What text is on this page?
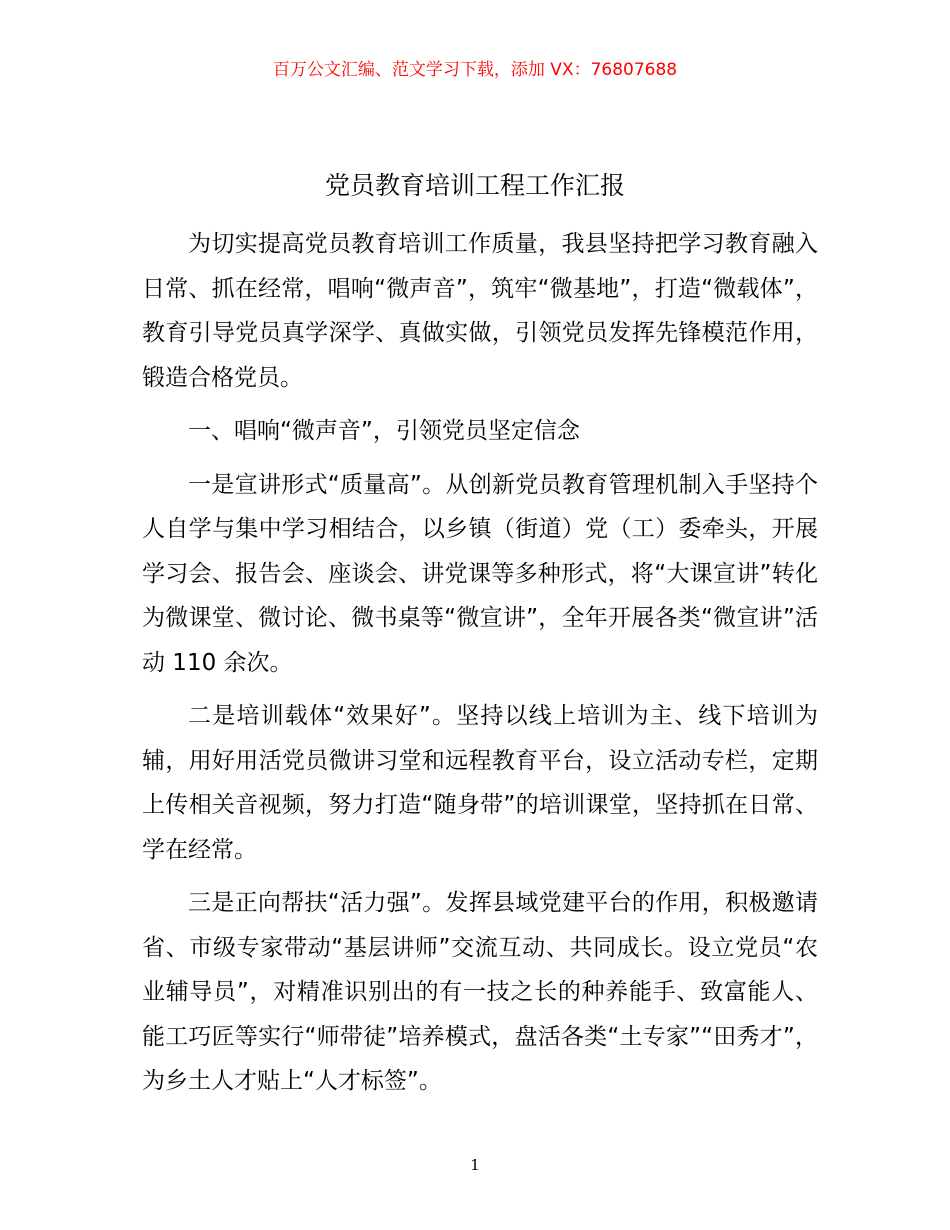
百万公文汇编、范文学习下载，添加 VX：76807688
党员教育培训工程工作汇报

为切实提高党员教育培训工作质量，我县坚持把学习教育融入日常、抓在经常，唱响“微声音”，筑牢“微基地”，打造“微载体”，教育引导党员真学深学、真做实做，引领党员发挥先锋模范作用，锻造合格党员。

一、唱响“微声音”，引领党员坚定信念

一是宣讲形式“质量高”。从创新党员教育管理机制入手坚持个人自学与集中学习相结合，以乡镇（街道）党（工）委牵头，开展学习会、报告会、座谈会、讲党课等多种形式，将“大课宣讲”转化为微课堂、微讨论、微书桌等“微宣讲”，全年开展各类“微宣讲”活动 110 余次。

二是培训载体“效果好”。坚持以线上培训为主、线下培训为辅，用好用活党员微讲习堂和远程教育平台，设立活动专栏，定期上传相关音视频，努力打造“随身带”的培训课堂，坚持抓在日常、学在经常。

三是正向帮扶“活力强”。发挥县域党建平台的作用，积极邀请省、市级专家带动“基层讲师”交流互动、共同成长。设立党员“农业辅导员”，对精准识别出的有一技之长的种养能手、致富能人、能工巧匠等实行“师带徒”培养模式，盘活各类“土专家”“田秀才”，为乡土人才贴上“人才标签”。

1
